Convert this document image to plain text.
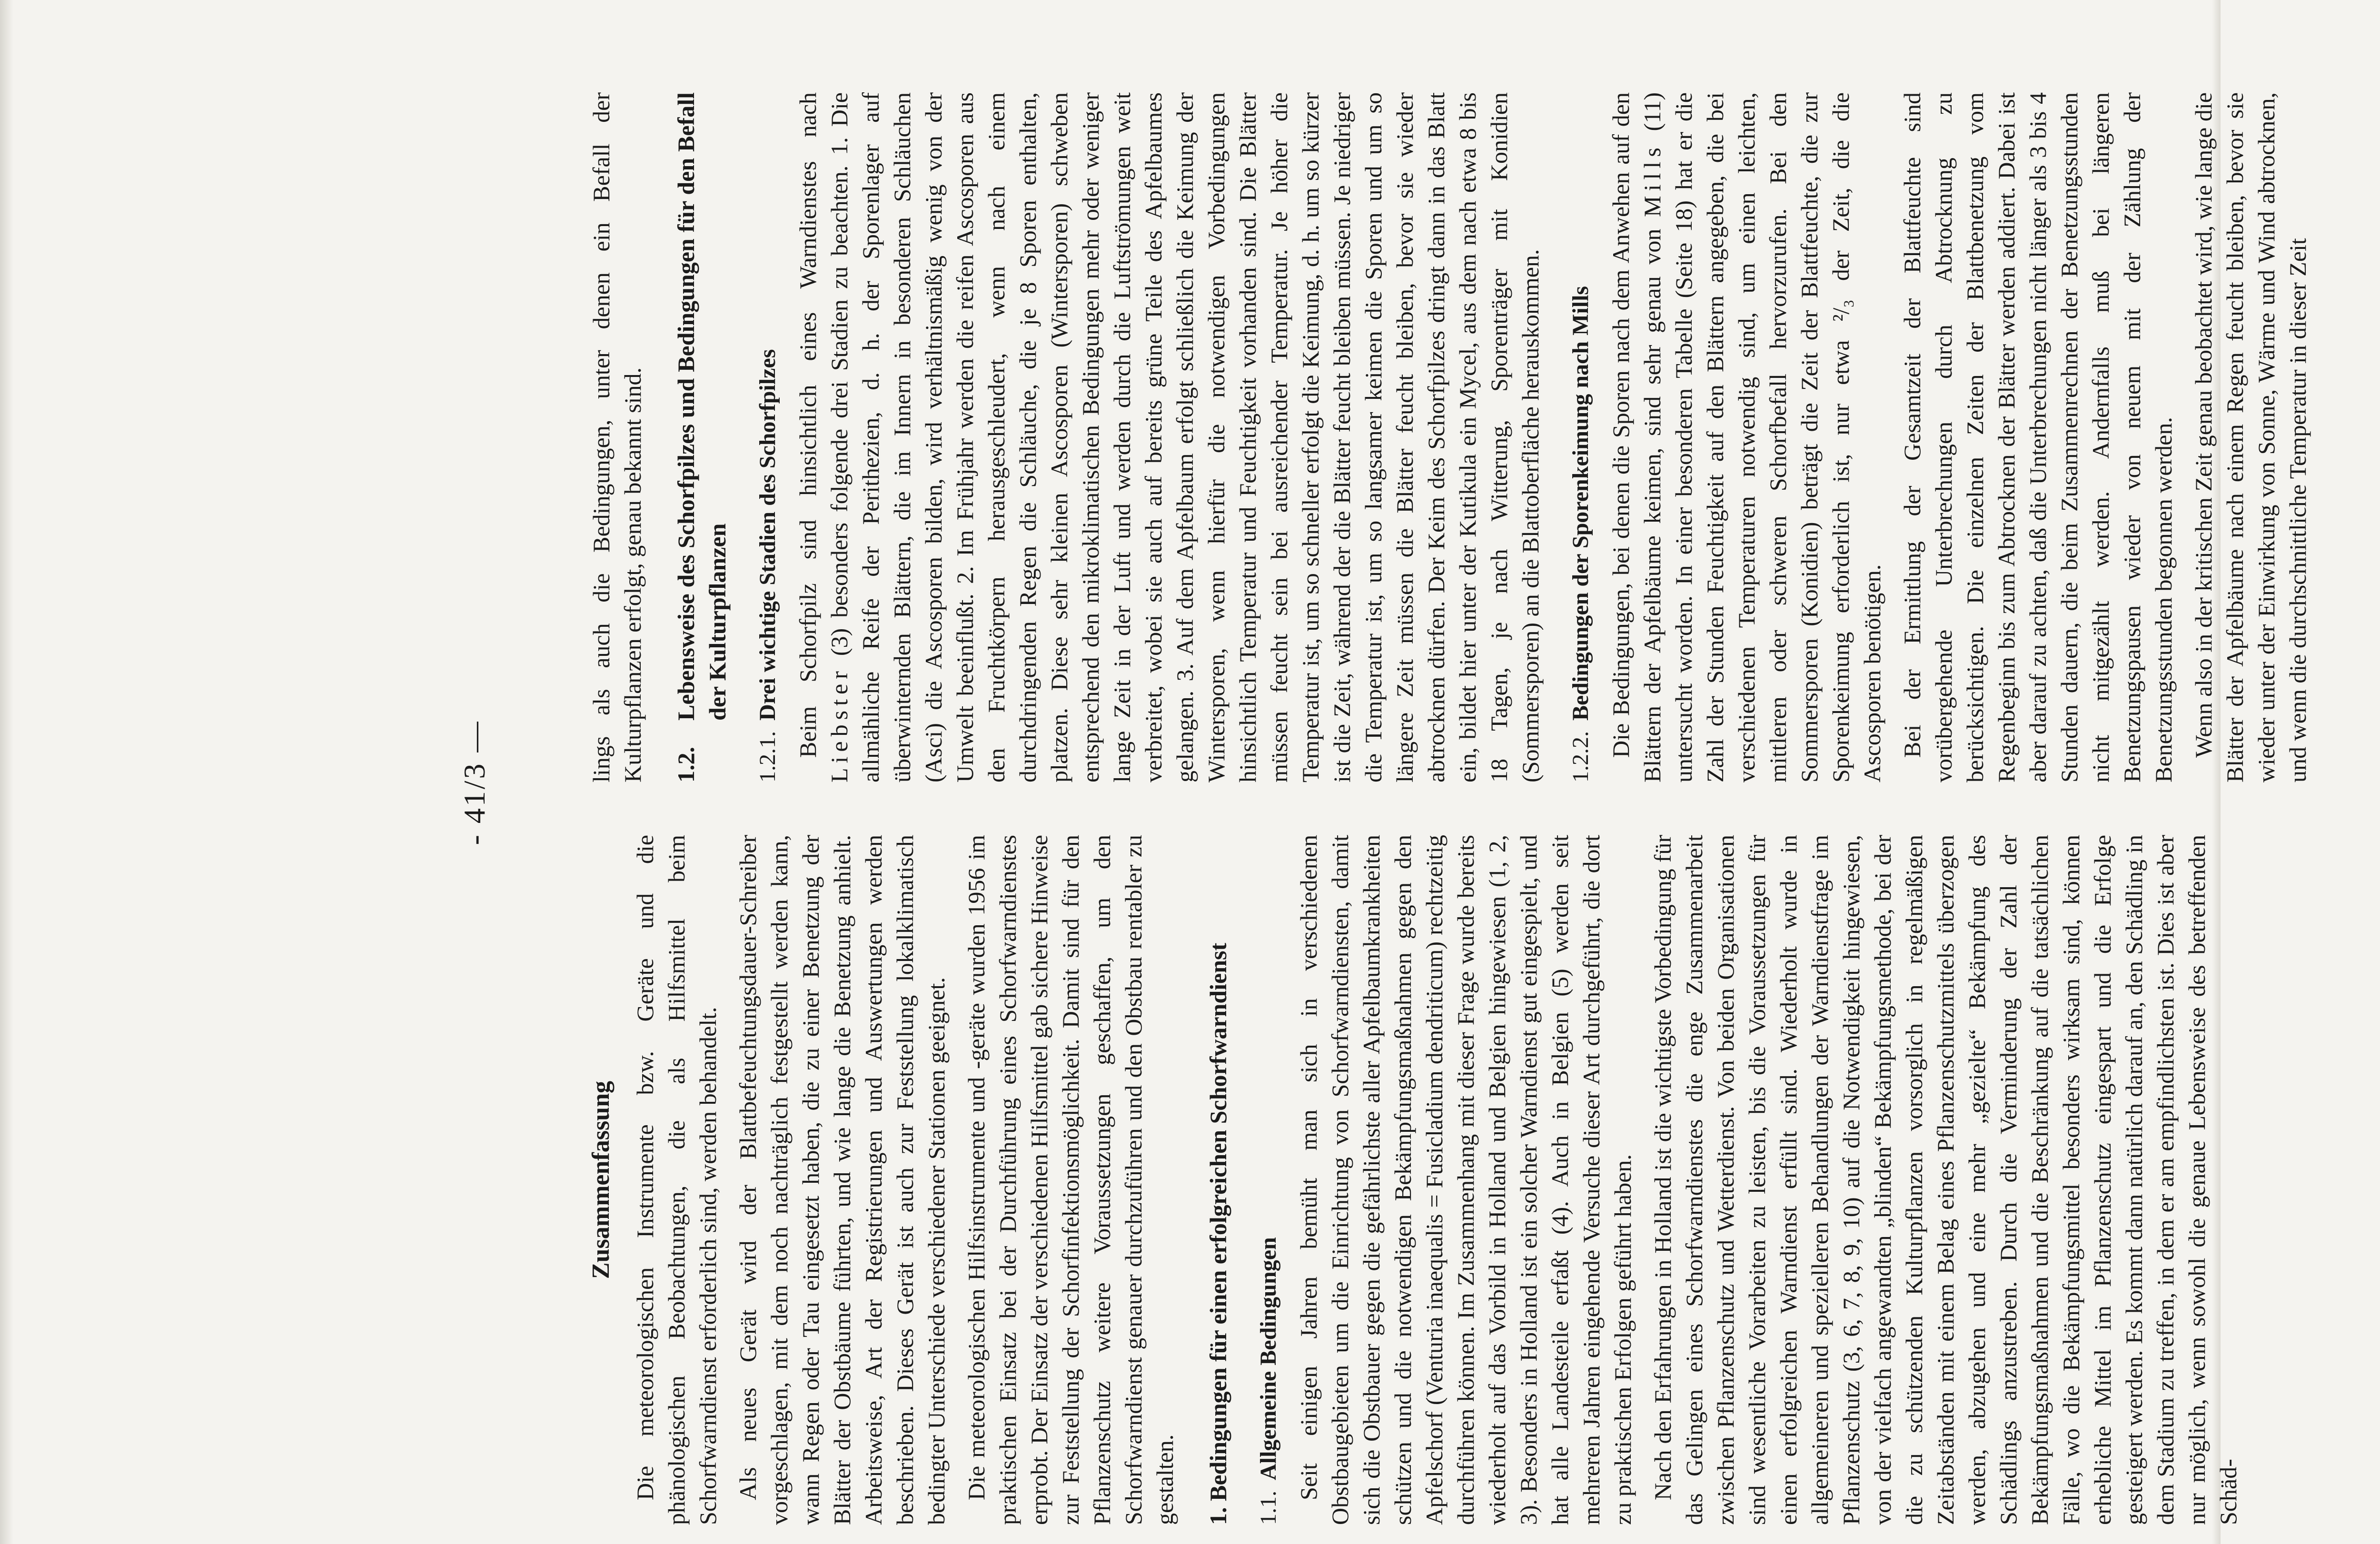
- 41/3 —
Zusammenfassung Die meteorologischen Instrumente bzw. Geräte und die phänologischen Beobachtungen, die als Hilfsmittel beim Schorfwarndienst erforderlich sind, werden behandelt. Als neues Gerät wird der Blattbefeuchtungsdauer-Schreiber vorgeschlagen, mit dem noch nachträglich festgestellt werden kann, wann Regen oder Tau eingesetzt haben, die zu einer Benetzung der Blätter der Obstbäume führten, und wie lange die Benetzung anhielt. Arbeitsweise, Art der Registrierungen und Auswertungen werden beschrieben. Dieses Gerät ist auch zur Feststellung lokalklimatisch bedingter Unterschiede verschiedener Stationen geeignet. Die meteorologischen Hilfsinstrumente und -geräte wurden 1956 im praktischen Einsatz bei der Durchführung eines Schorfwarndienstes erprobt. Der Einsatz der verschiedenen Hilfsmittel gab sichere Hinweise zur Feststellung der Schorfinfektionsmöglichkeit. Damit sind für den Pflanzenschutz weitere Voraussetzungen geschaffen, um den Schorfwarndienst genauer durchzuführen und den Obstbau rentabler zu gestalten. 1. Bedingungen für einen erfolgreichen Schorfwarndienst 1.1.Allgemeine Bedingungen Seit einigen Jahren bemüht man sich in verschiedenen Obstbaugebieten um die Einrichtung von Schorfwarndiensten, damit sich die Obstbauer gegen die gefährlichste aller Apfelbaumkrankheiten schützen und die notwendigen Bekämpfungsmaßnahmen gegen den Apfelschorf (Venturia inaequalis = Fusicladium dendriticum) rechtzeitig durchführen können. Im Zusammenhang mit dieser Frage wurde bereits wiederholt auf das Vorbild in Holland und Belgien hingewiesen (1, 2, 3). Besonders in Holland ist ein solcher Warndienst gut eingespielt, und hat alle Landesteile erfaßt (4). Auch in Belgien (5) werden seit mehreren Jahren eingehende Versuche dieser Art durchgeführt, die dort zu praktischen Erfolgen geführt haben. Nach den Erfahrungen in Holland ist die wichtigste Vorbedingung für das Gelingen eines Schorfwarndienstes die enge Zusammenarbeit zwischen Pflanzenschutz und Wetterdienst. Von beiden Organisationen sind wesentliche Vorarbeiten zu leisten, bis die Voraussetzungen für einen erfolgreichen Warndienst erfüllt sind. Wiederholt wurde in allgemeineren und spezielleren Behandlungen der Warndienstfrage im Pflanzenschutz (3, 6, 7, 8, 9, 10) auf die Notwendigkeit hingewiesen, von der vielfach angewandten „blinden“ Bekämpfungsmethode, bei der die zu schützenden Kulturpflanzen vorsorglich in regelmäßigen Zeitabständen mit einem Belag eines Pflanzenschutzmittels überzogen werden, abzugehen und eine mehr „gezielte“ Bekämpfung des Schädlings anzustreben. Durch die Verminderung der Zahl der Bekämpfungsmaßnahmen und die Beschränkung auf die tatsächlichen Fälle, wo die Bekämpfungsmittel besonders wirksam sind, können erhebliche Mittel im Pflanzenschutz eingespart und die Erfolge gesteigert werden. Es kommt dann natürlich darauf an, den Schädling in dem Stadium zu treffen, in dem er am empfindlichsten ist. Dies ist aber nur möglich, wenn sowohl die genaue Lebensweise des betreffenden Schäd-

lings als auch die Bedingungen, unter denen ein Befall der Kulturpflanzen erfolgt, genau bekannt sind. 1.2.
Lebensweise des Schorfpilzes und Bedingungen für den Befall der Kulturpflanzen
1.2.1.Drei wichtige Stadien des Schorfpilzes Beim Schorfpilz sind hinsichtlich eines Warndienstes nach Liebster (3) besonders folgende drei Stadien zu beachten. 1. Die allmähliche Reife der Perithezien, d. h. der Sporenlager auf überwinternden Blättern, die im Innern in besonderen Schläuchen (Asci) die Ascosporen bilden, wird verhältnismäßig wenig von der Umwelt beeinflußt. 2. Im Frühjahr werden die reifen Ascosporen aus den Fruchtkörpern herausgeschleudert, wenn nach einem durchdringenden Regen die Schläuche, die je 8 Sporen enthalten, platzen. Diese sehr kleinen Ascosporen (Wintersporen) schweben entsprechend den mikroklimatischen Bedingungen mehr oder weniger lange Zeit in der Luft und werden durch die Luftströmungen weit verbreitet, wobei sie auch auf bereits grüne Teile des Apfelbaumes gelangen. 3. Auf dem Apfelbaum erfolgt schließlich die Keimung der Wintersporen, wenn hierfür die notwendigen Vorbedingungen hinsichtlich Temperatur und Feuchtigkeit vorhanden sind. Die Blätter müssen feucht sein bei ausreichender Temperatur. Je höher die Temperatur ist, um so schneller erfolgt die Keimung, d. h. um so kürzer ist die Zeit, während der die Blätter feucht bleiben müssen. Je niedriger die Temperatur ist, um so langsamer keimen die Sporen und um so längere Zeit müssen die Blätter feucht bleiben, bevor sie wieder abtrocknen dürfen. Der Keim des Schorfpilzes dringt dann in das Blatt ein, bildet hier unter der Kutikula ein Mycel, aus dem nach etwa 8 bis 18 Tagen, je nach Witterung, Sporenträger mit Konidien (Sommersporen) an die Blattoberfläche herauskommen. 1.2.2.Bedingungen der Sporenkeimung nach Mills Die Bedingungen, bei denen die Sporen nach dem Anwehen auf den Blättern der Apfelbäume keimen, sind sehr genau von Mills (11) untersucht worden. In einer besonderen Tabelle (Seite 18) hat er die Zahl der Stunden Feuchtigkeit auf den Blättern angegeben, die bei verschiedenen Temperaturen notwendig sind, um einen leichten, mittleren oder schweren Schorfbefall hervorzurufen. Bei den Sommersporen (Konidien) beträgt die Zeit der Blattfeuchte, die zur Sporenkeimung erforderlich ist, nur etwa ²/₃ der Zeit, die die Ascosporen benötigen. Bei der Ermittlung der Gesamtzeit der Blattfeuchte sind vorübergehende Unterbrechungen durch Abtrocknung zu berücksichtigen. Die einzelnen Zeiten der Blattbenetzung vom Regenbeginn bis zum Abtrocknen der Blätter werden addiert. Dabei ist aber darauf zu achten, daß die Unterbrechungen nicht länger als 3 bis 4 Stunden dauern, die beim Zusammenrechnen der Benetzungsstunden nicht mitgezählt werden. Andernfalls muß bei längeren Benetzungspausen wieder von neuem mit der Zählung der Benetzungsstunden begonnen werden. Wenn also in der kritischen Zeit genau beobachtet wird, wie lange die Blätter der Apfelbäume nach einem Regen feucht bleiben, bevor sie wieder unter der Einwirkung von Sonne, Wärme und Wind abtrocknen, und wenn die durchschnittliche Temperatur in dieser Zeit
